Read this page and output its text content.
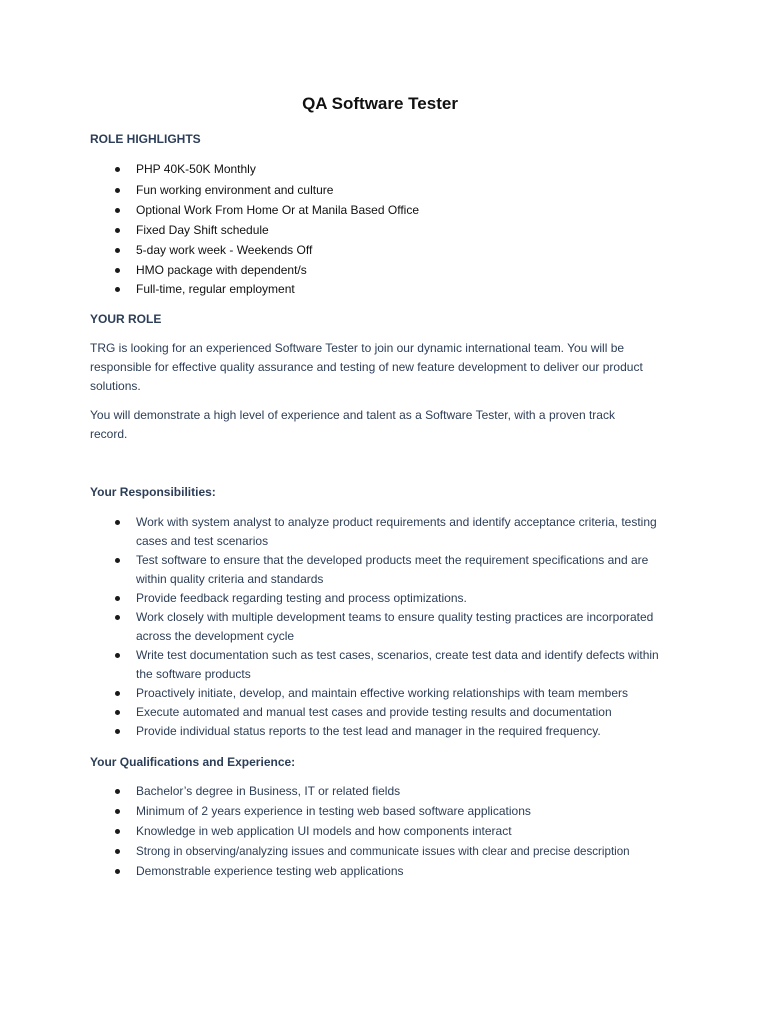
QA Software Tester
ROLE HIGHLIGHTS
PHP 40K-50K Monthly
Fun working environment and culture
Optional Work From Home Or at Manila Based Office
Fixed Day Shift schedule
5-day work week - Weekends Off
HMO package with dependent/s
Full-time, regular employment
YOUR ROLE
TRG is looking for an experienced Software Tester to join our dynamic international team. You will be responsible for effective quality assurance and testing of new feature development to deliver our product solutions.
You will demonstrate a high level of experience and talent as a Software Tester, with a proven track record.
Your Responsibilities:
Work with system analyst to analyze product requirements and identify acceptance criteria, testing cases and test scenarios
Test software to ensure that the developed products meet the requirement specifications and are within quality criteria and standards
Provide feedback regarding testing and process optimizations.
Work closely with multiple development teams to ensure quality testing practices are incorporated across the development cycle
Write test documentation such as test cases, scenarios, create test data and identify defects within the software products
Proactively initiate, develop, and maintain effective working relationships with team members
Execute automated and manual test cases and provide testing results and documentation
Provide individual status reports to the test lead and manager in the required frequency.
Your Qualifications and Experience:
Bachelor’s degree in Business, IT or related fields
Minimum of 2 years experience in testing web based software applications
Knowledge in web application UI models and how components interact
Strong in observing/analyzing issues and communicate issues with clear and precise description
Demonstrable experience testing web applications
